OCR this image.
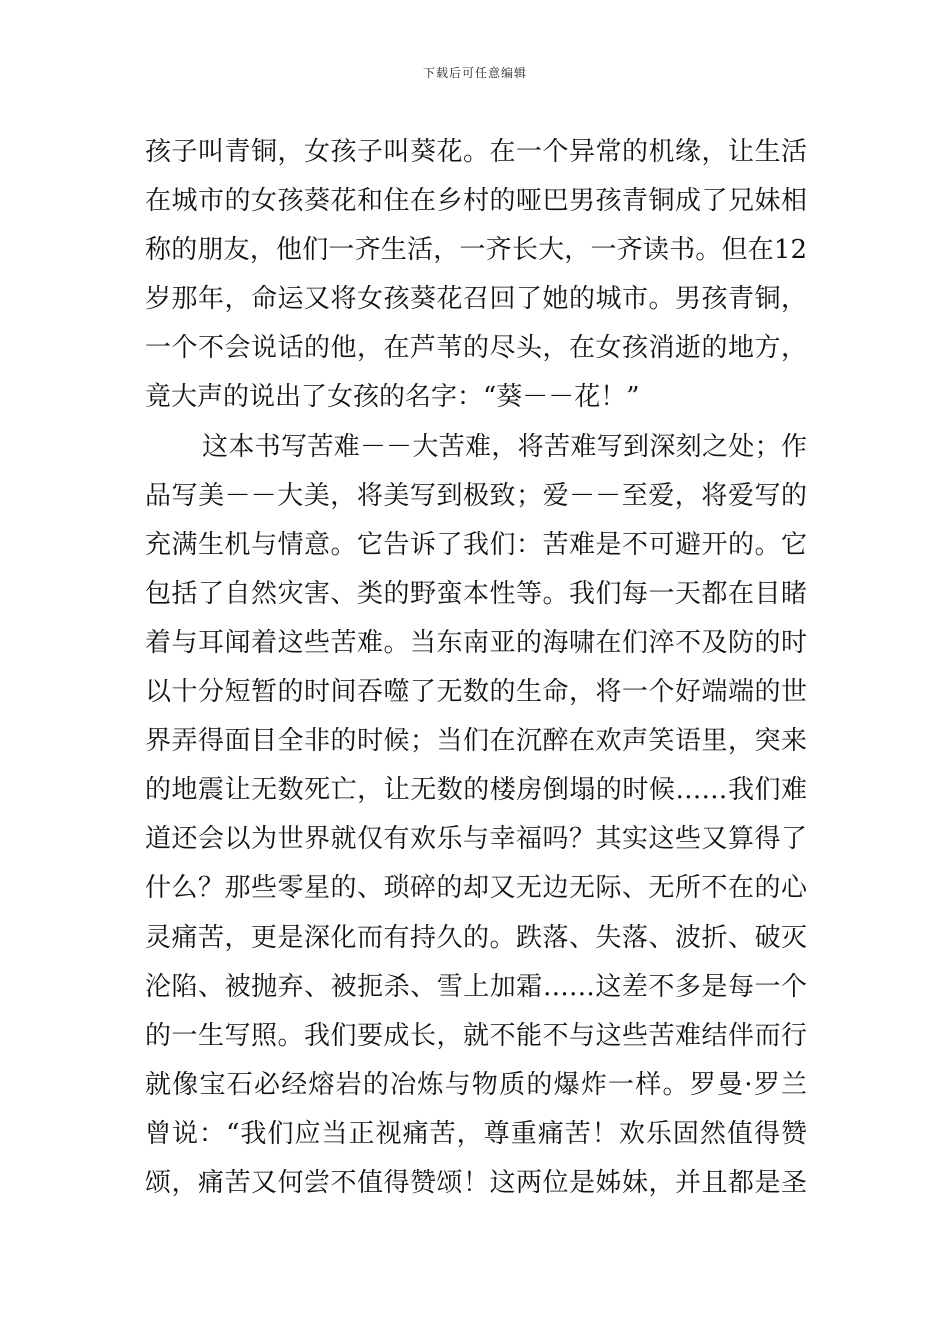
下载后可任意编辑
孩子叫青铜，女孩子叫葵花。在一个异常的机缘，让生活
在城市的女孩葵花和住在乡村的哑巴男孩青铜成了兄妹相
称的朋友，他们一齐生活，一齐长大，一齐读书。但在12
岁那年，命运又将女孩葵花召回了她的城市。男孩青铜，
一个不会说话的他，在芦苇的尽头，在女孩消逝的地方，
竟大声的说出了女孩的名字：“葵－－花！”
这本书写苦难－－大苦难，将苦难写到深刻之处；作
品写美－－大美，将美写到极致；爱－－至爱，将爱写的
充满生机与情意。它告诉了我们：苦难是不可避开的。它
包括了自然灾害、类的野蛮本性等。我们每一天都在目睹
着与耳闻着这些苦难。当东南亚的海啸在们淬不及防的时
以十分短暂的时间吞噬了无数的生命，将一个好端端的世
界弄得面目全非的时候；当们在沉醉在欢声笑语里，突来
的地震让无数死亡，让无数的楼房倒塌的时候……我们难
道还会以为世界就仅有欢乐与幸福吗？其实这些又算得了
什么？那些零星的、琐碎的却又无边无际、无所不在的心
灵痛苦，更是深化而有持久的。跌落、失落、波折、破灭
沦陷、被抛弃、被扼杀、雪上加霜……这差不多是每一个
的一生写照。我们要成长，就不能不与这些苦难结伴而行
就像宝石必经熔岩的冶炼与物质的爆炸一样。罗曼·罗兰
曾说：“我们应当正视痛苦，尊重痛苦！欢乐固然值得赞
颂，痛苦又何尝不值得赞颂！这两位是姊妹，并且都是圣
